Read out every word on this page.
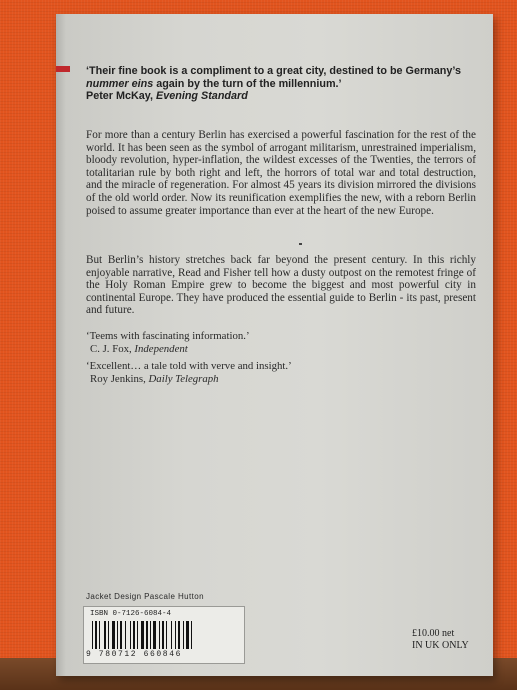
‘Their fine book is a compliment to a great city, destined to be Germany’s nummer eins again by the turn of the millennium.’
Peter McKay, Evening Standard
For more than a century Berlin has exercised a powerful fascination for the rest of the world. It has been seen as the symbol of arrogant militarism, unrestrained imperialism, bloody revolution, hyper-inflation, the wildest excesses of the Twenties, the terrors of totalitarian rule by both right and left, the horrors of total war and total destruction, and the miracle of regeneration. For almost 45 years its division mirrored the divisions of the old world order. Now its reunification exemplifies the new, with a reborn Berlin poised to assume greater importance than ever at the heart of the new Europe.
But Berlin’s history stretches back far beyond the present century. In this richly enjoyable narrative, Read and Fisher tell how a dusty outpost on the remotest fringe of the Holy Roman Empire grew to become the biggest and most powerful city in continental Europe. They have produced the essential guide to Berlin - its past, present and future.
‘Teems with fascinating information.’
C. J. Fox, Independent
‘Excellent… a tale told with verve and insight.’
Roy Jenkins, Daily Telegraph
Jacket Design Pascale Hutton
ISBN 0-7126-6084-4
9 780712 660846
£10.00 net
IN UK ONLY
